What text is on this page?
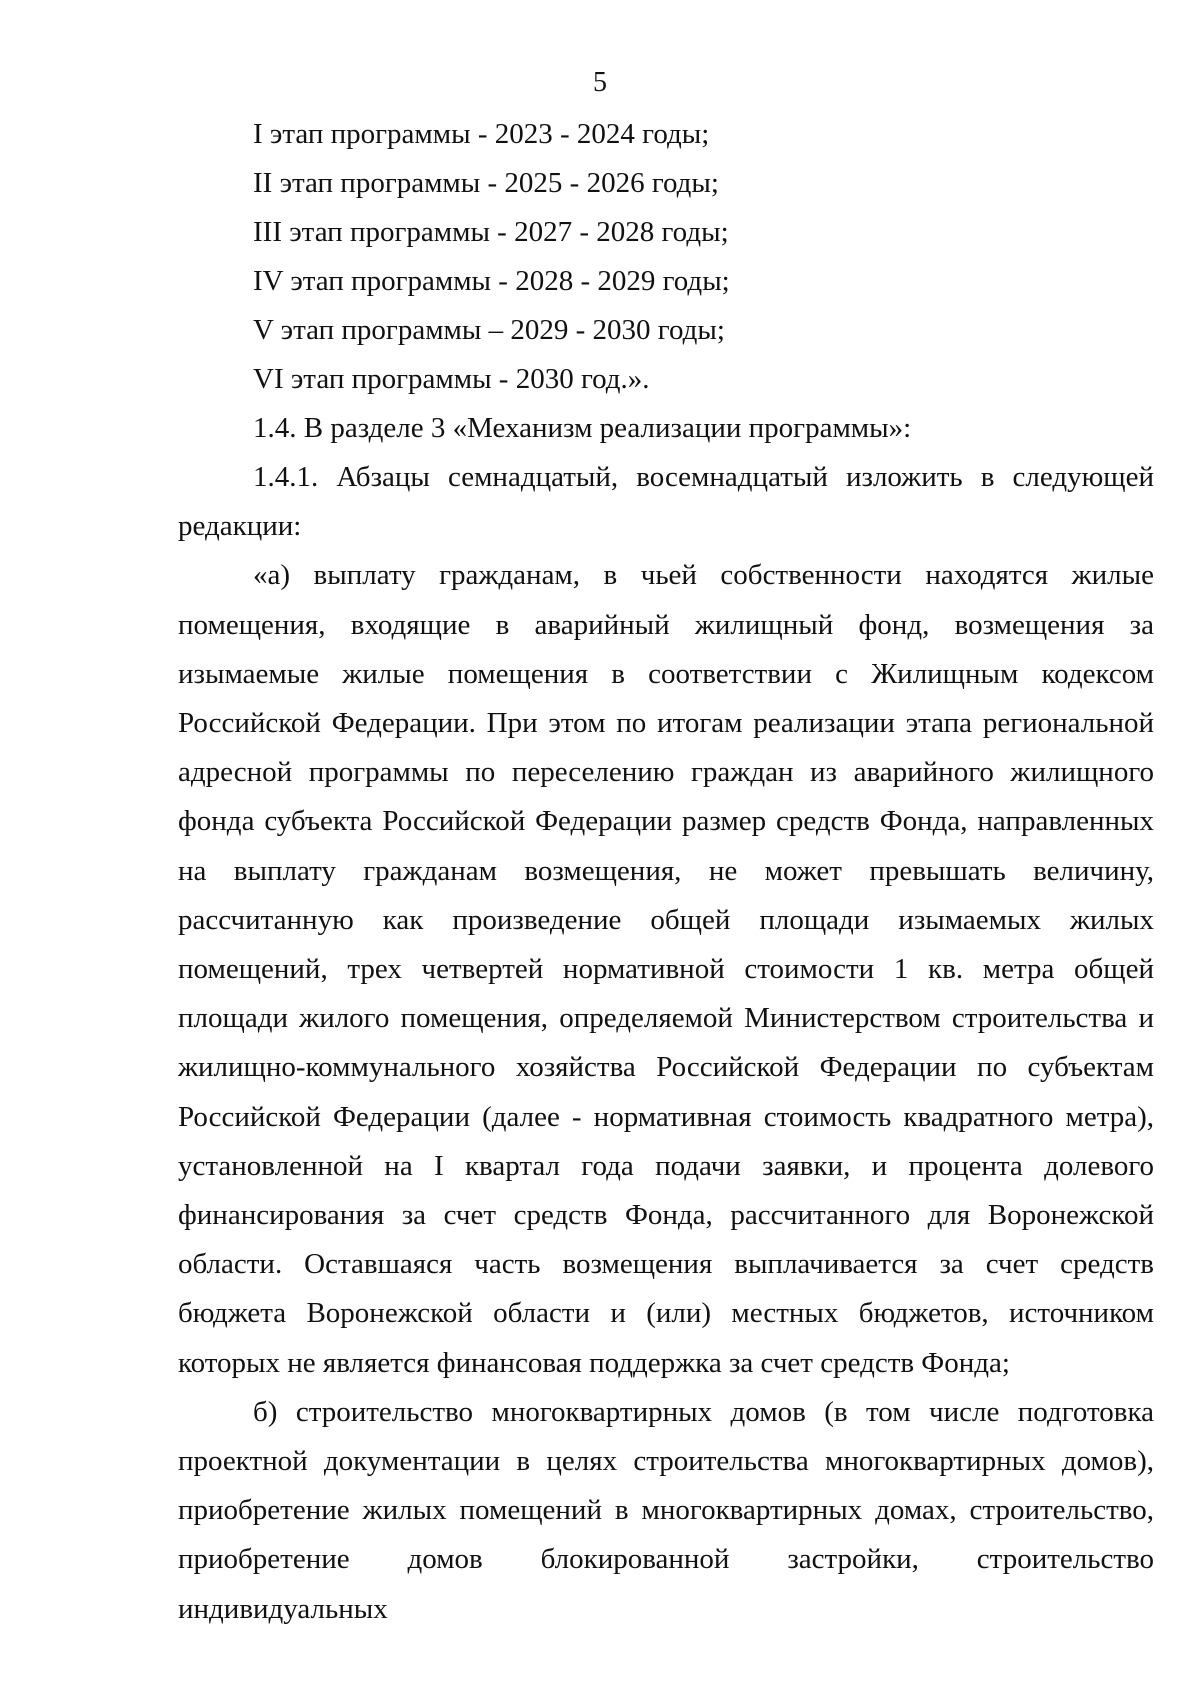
5
I этап программы - 2023 - 2024 годы;
II этап программы - 2025 - 2026 годы;
III этап программы - 2027 - 2028 годы;
IV этап программы - 2028 - 2029 годы;
V этап программы – 2029 - 2030 годы;
VI этап программы - 2030 год.».
1.4. В разделе 3 «Механизм реализации программы»:

1.4.1. Абзацы семнадцатый, восемнадцатый изложить в следующей редакции:

«а) выплату гражданам, в чьей собственности находятся жилые помещения, входящие в аварийный жилищный фонд, возмещения за изымаемые жилые помещения в соответствии с Жилищным кодексом Российской Федерации. При этом по итогам реализации этапа региональной адресной программы по переселению граждан из аварийного жилищного фонда субъекта Российской Федерации размер средств Фонда, направленных на выплату гражданам возмещения, не может превышать величину, рассчитанную как произведение общей площади изымаемых жилых помещений, трех четвертей нормативной стоимости 1 кв. метра общей площади жилого помещения, определяемой Министерством строительства и жилищно-коммунального хозяйства Российской Федерации по субъектам Российской Федерации (далее - нормативная стоимость квадратного метра), установленной на I квартал года подачи заявки, и процента долевого финансирования за счет средств Фонда, рассчитанного для Воронежской области. Оставшаяся часть возмещения выплачивается за счет средств бюджета Воронежской области и (или) местных бюджетов, источником которых не является финансовая поддержка за счет средств Фонда;

б) строительство многоквартирных домов (в том числе подготовка проектной документации в целях строительства многоквартирных домов), приобретение жилых помещений в многоквартирных домах, строительство, приобретение домов блокированной застройки, строительство индивидуальных
